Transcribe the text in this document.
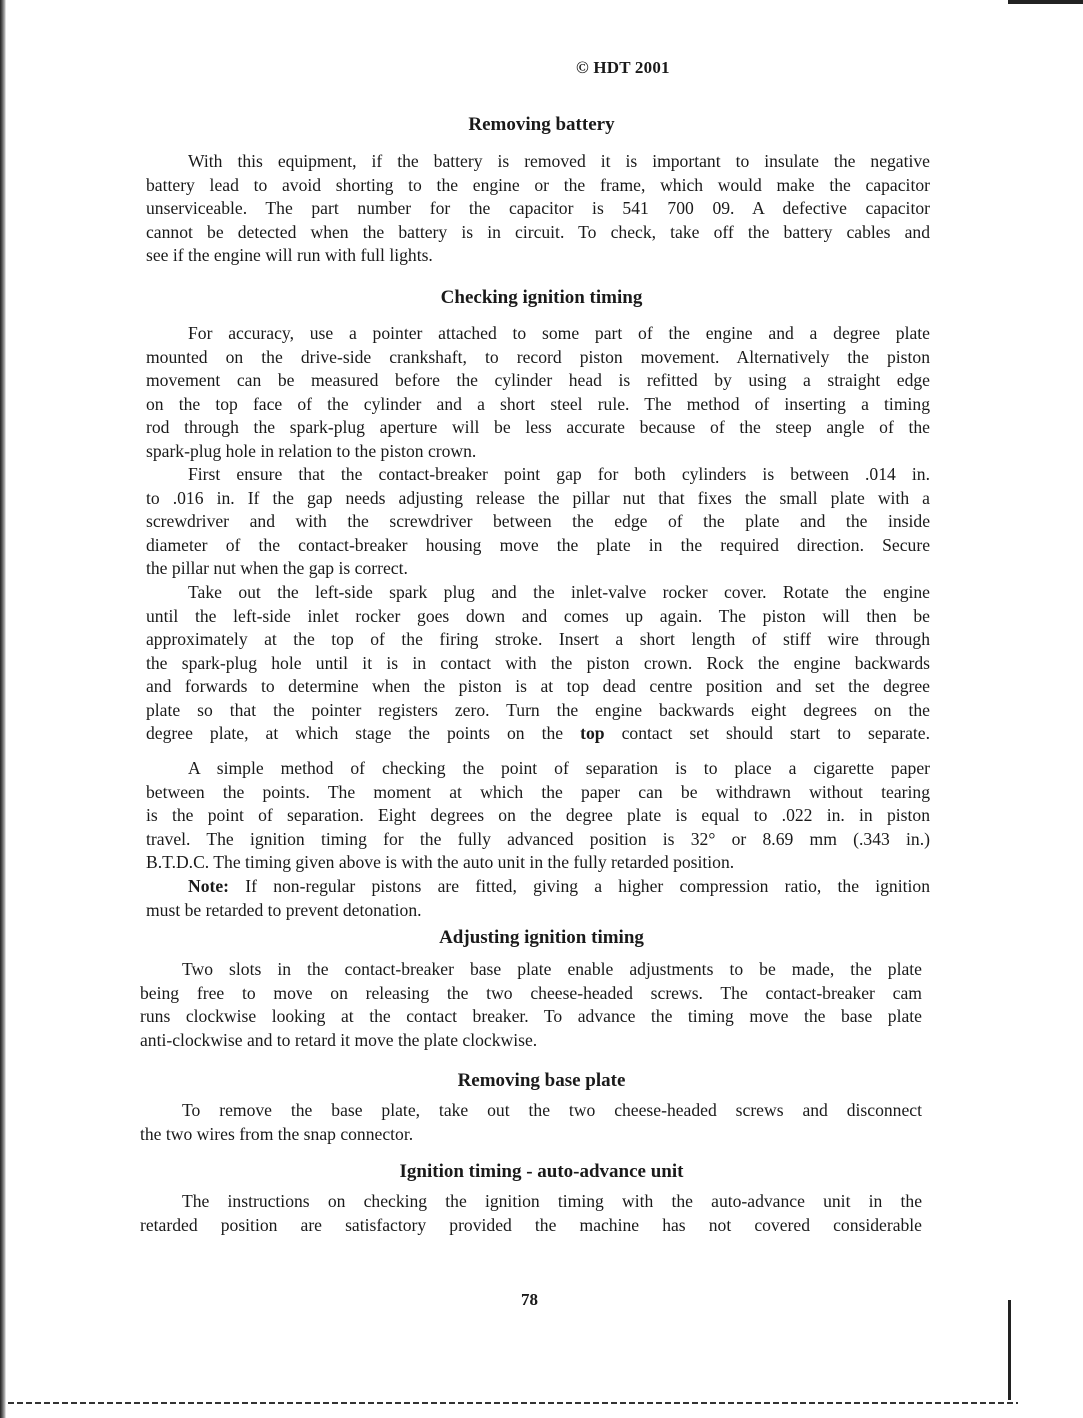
© HDT 2001
Removing battery
With this equipment, if the battery is removed it is important to insulate the negative
battery lead to avoid shorting to the engine or the frame, which would make the capacitor
unserviceable. The part number for the capacitor is 541 700 09. A defective capacitor
cannot be detected when the battery is in circuit. To check, take off the battery cables and
see if the engine will run with full lights.
Checking ignition timing
For accuracy, use a pointer attached to some part of the engine and a degree plate
mounted on the drive-side crankshaft, to record piston movement. Alternatively the piston
movement can be measured before the cylinder head is refitted by using a straight edge
on the top face of the cylinder and a short steel rule. The method of inserting a timing
rod through the spark-plug aperture will be less accurate because of the steep angle of the
spark-plug hole in relation to the piston crown.
First ensure that the contact-breaker point gap for both cylinders is between .014 in.
to .016 in. If the gap needs adjusting release the pillar nut that fixes the small plate with a
screwdriver and with the screwdriver between the edge of the plate and the inside
diameter of the contact-breaker housing move the plate in the required direction. Secure
the pillar nut when the gap is correct.
Take out the left-side spark plug and the inlet-valve rocker cover. Rotate the engine
until the left-side inlet rocker goes down and comes up again. The piston will then be
approximately at the top of the firing stroke. Insert a short length of stiff wire through
the spark-plug hole until it is in contact with the piston crown. Rock the engine backwards
and forwards to determine when the piston is at top dead centre position and set the degree
plate so that the pointer registers zero. Turn the engine backwards eight degrees on the
degree plate, at which stage the points on the top contact set should start to separate.
A simple method of checking the point of separation is to place a cigarette paper
between the points. The moment at which the paper can be withdrawn without tearing
is the point of separation. Eight degrees on the degree plate is equal to .022 in. in piston
travel. The ignition timing for the fully advanced position is 32° or 8.69 mm (.343 in.)
B.T.D.C. The timing given above is with the auto unit in the fully retarded position.
Note: If non-regular pistons are fitted, giving a higher compression ratio, the ignition
must be retarded to prevent detonation.
Adjusting ignition timing
Two slots in the contact-breaker base plate enable adjustments to be made, the plate
being free to move on releasing the two cheese-headed screws. The contact-breaker cam
runs clockwise looking at the contact breaker. To advance the timing move the base plate
anti-clockwise and to retard it move the plate clockwise.
Removing base plate
To remove the base plate, take out the two cheese-headed screws and disconnect
the two wires from the snap connector.
Ignition timing - auto-advance unit
The instructions on checking the ignition timing with the auto-advance unit in the
retarded position are satisfactory provided the machine has not covered considerable
78
